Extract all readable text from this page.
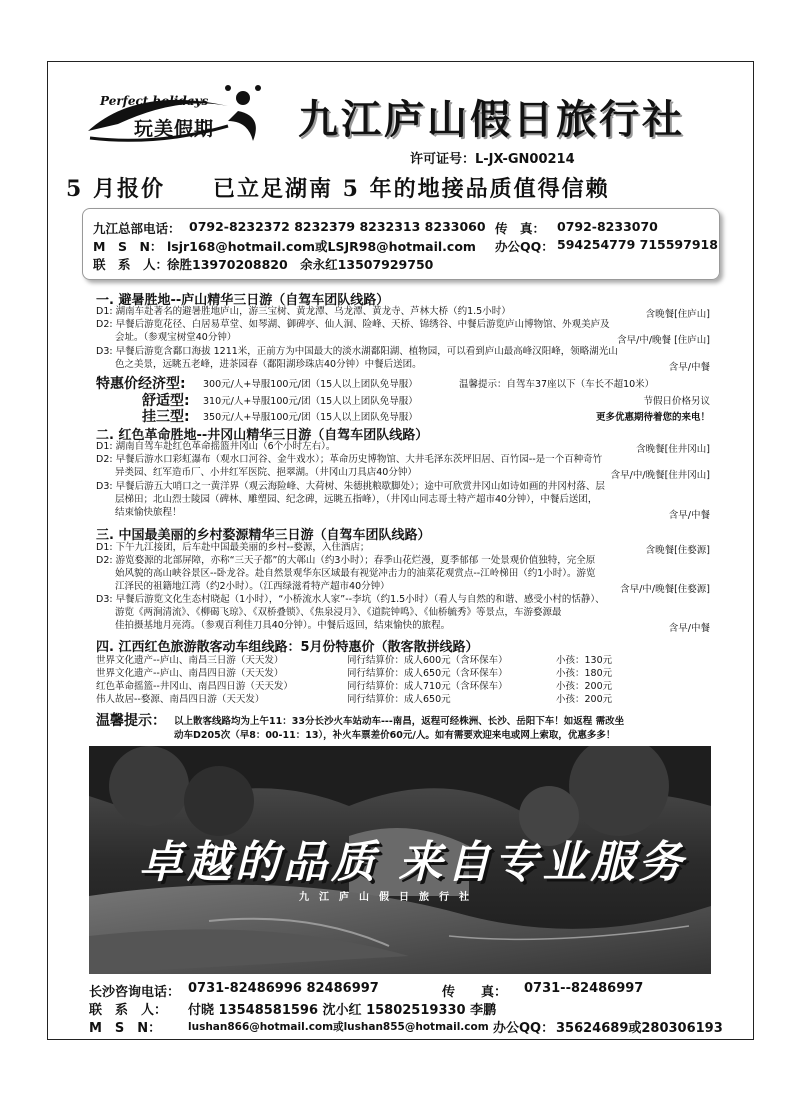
Perfect holidays
玩美假期 九江庐山假日旅行社
许可证号：L-JX-GN00214
5 月报价　　已立足湖南 5 年的地接品质值得信赖
九江总部电话： 0792-8232372 8232379 8232313 8233060 传　真： 0792-8233070
M　S　N： lsjr168@hotmail.com或LSJR98@hotmail.com 办公QQ： 594254779 715597918
联　系　人：
徐胜13970208820　余永红13507929750
一. 避暑胜地--庐山精华三日游（自驾车团队线路）
D1: 湖南车赴著名的避暑胜地庐山，游三宝树、黄龙潭、乌龙潭、黄龙寺、芦林大桥（约1.5小时）	含晚餐[住庐山]
D2: 早餐后游览花径、白居易草堂、如琴湖、御碑亭、仙人洞、险峰、天桥、锦绣谷、中餐后游览庐山博物馆、外观美庐及
　　会址。（参观宝树堂40分钟）	含早/中/晚餐 [住庐山]
D3: 早餐后游览含鄱口海拔 1211米，正前方为中国最大的淡水湖鄱阳湖、植物园，可以看到庐山最高峰汉阳峰，领略湖光山
　　色之美景，远眺五老峰，进茶园春（鄱阳湖珍珠店40分钟）中餐后送团。	含早/中餐
特惠价经济型: 300元/人+导服100元/团（15人以上团队免导服）	温馨提示：自驾车37座以下（车长不超10米）
舒适型: 310元/人+导服100元/团（15人以上团队免导服）	节假日价格另议
挂三型: 350元/人+导服100元/团（15人以上团队免导服）	更多优惠期待着您的来电！
二. 红色革命胜地--井冈山精华三日游（自驾车团队线路）
D1: 湖南自驾车赴红色革命摇篮井冈山（6个小时左右）。	含晚餐[住井冈山]
D2: 早餐后游水口彩虹瀑布（观水口河谷、金牛戏水）；革命历史博物馆、大井毛泽东茨坪旧居、百竹园--是一个百种奇竹
　　异类园、红军造币厂、小井红军医院、挹翠湖。（井冈山刀具店40分钟）	含早/中/晚餐[住井冈山]
D3: 早餐后游五大哨口之一黄洋界（观云海险峰、大荷树、朱德挑粮歇脚处）；途中可欣赏井冈山如诗如画的井冈村落、层
　　层梯田；北山烈士陵园（碑林、雕塑园、纪念碑，远眺五指峰），（井冈山同志哥土特产超市40分钟），中餐后送团，
　　结束愉快旅程！	含早/中餐
三. 中国最美丽的乡村婺源精华三日游（自驾车团队线路）
D1: 下午九江接团，后车赴中国最美丽的乡村--婺源，入住酒店；	含晚餐[住婺源]
D2: 游览婺源的北部屏障，亦称“三天子都”的大鄣山（约3小时）；春季山花烂漫，夏季郁郁 一处景观价值独特，完全原
　　始风貌的高山峡谷景区--卧龙谷。赴自然景观华东区域最有视觉冲击力的油菜花观赏点--江岭梯田（约1小时）。游览
　　江泽民的祖籍地江湾（约2小时）。（江西绿滋肴特产超市40分钟）	含早/中/晚餐[住婺源]
D3: 早餐后游览文化生态村晓起（1小时），“小桥流水人家”--李坑（约1.5小时）（看人与自然的和谐、感受小村的恬静）、
　　游览《两涧清流》、《柳碣飞琼》、《双桥叠锁》、《焦泉浸月》、《道院钟鸣》、《仙桥毓秀》等景点，车游婺源最
　　佳拍摄基地月亮湾。（参观百利佳刀具40分钟）。中餐后返回，结束愉快的旅程。	含早/中餐
四. 江西红色旅游散客动车组线路：5月份特惠价（散客散拼线路）
世界文化遗产--庐山、南昌三日游（天天发）	同行结算价：成人600元（含环保车）	小孩：130元
世界文化遗产--庐山、南昌四日游（天天发）	同行结算价：成人650元（含环保车）	小孩：180元
红色革命摇篮--井冈山、南昌四日游（天天发）	同行结算价：成人710元（含环保车）	小孩：200元
伟人故居--婺源、南昌四日游（天天发）	同行结算价：成人650元	小孩：200元
温馨提示： 以上散客线路均为上午11：33分长沙火车站动车---南昌，返程可经株洲、长沙、岳阳下车！如返程 需改坐
动车D205次（早8：00-11：13），补火车票差价60元/人。如有需要欢迎来电或网上索取，优惠多多！
卓越的品质 来自专业服务
九江庐山假日旅行社
长沙咨询电话： 0731-82486996 82486997	传　　真： 0731--82486997
联　系　人： 付晓 13548581596 沈小红 15802519330 李鹏
M　S　N：	lushan866@hotmail.com或lushan855@hotmail.com 办公QQ： 35624689或280306193
